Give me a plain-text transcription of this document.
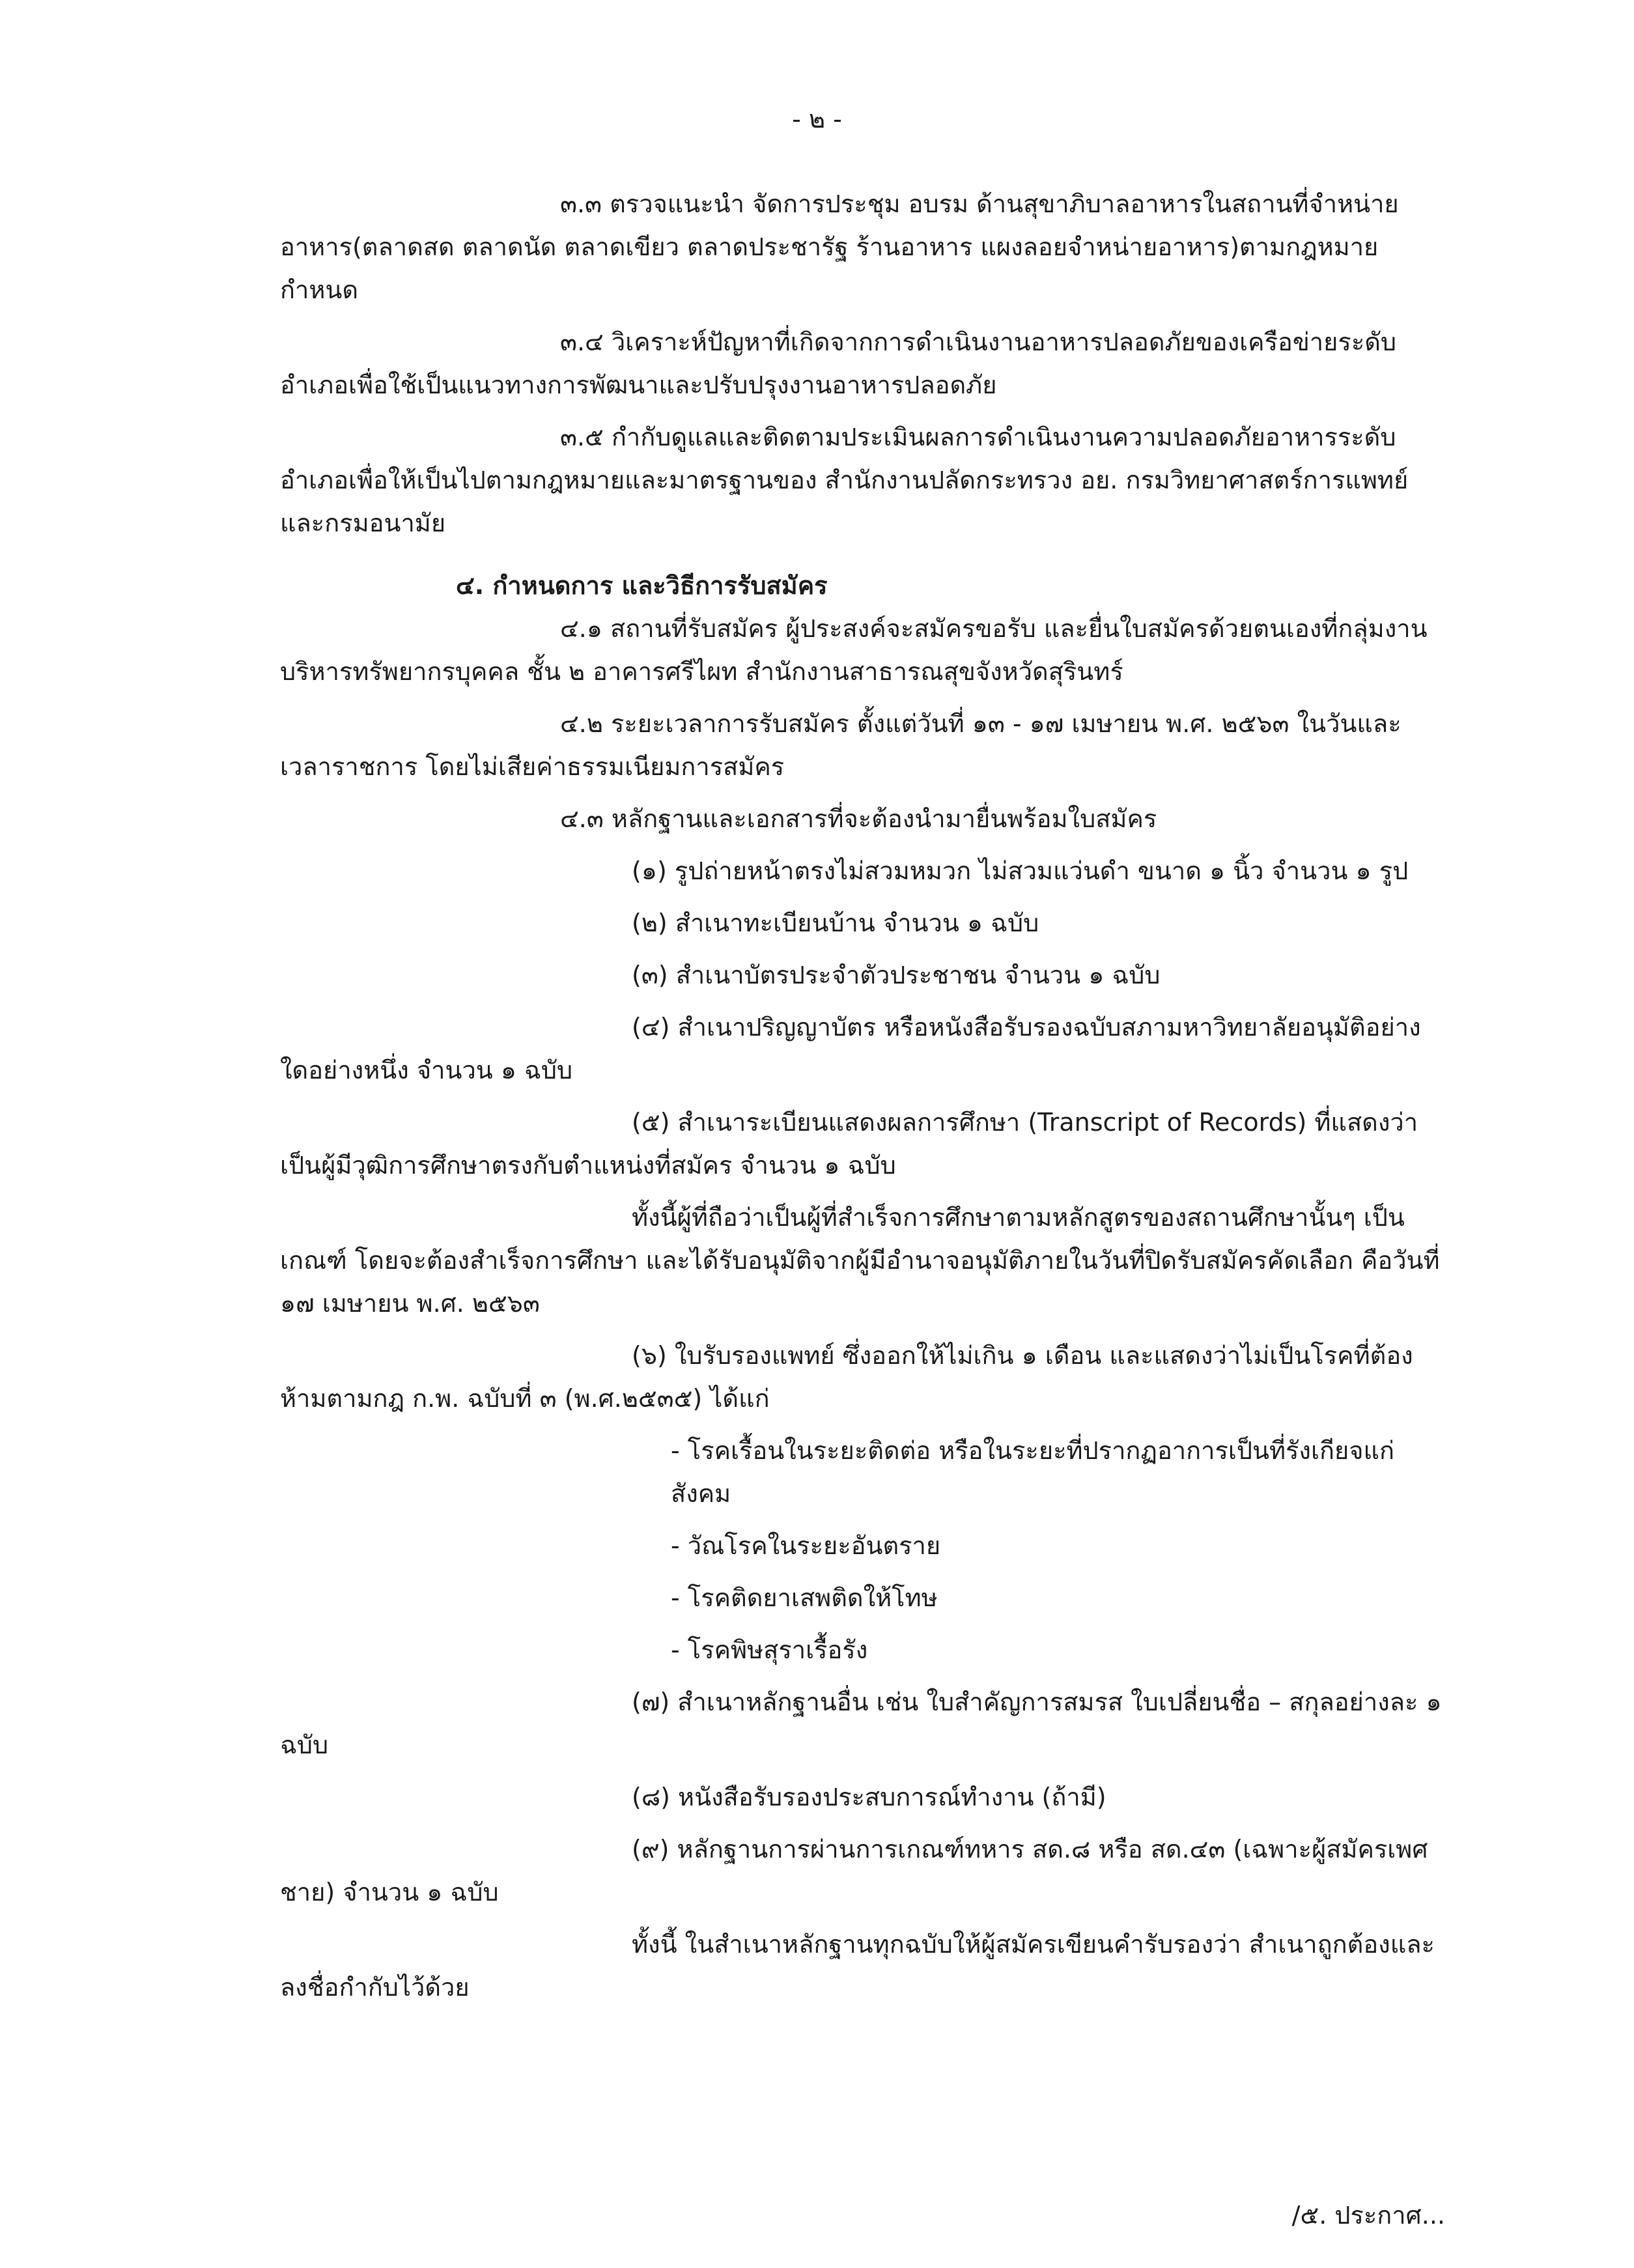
- ๒ -

๓.๓ ตรวจแนะนำ จัดการประชุม อบรม ด้านสุขาภิบาลอาหารในสถานที่จำหน่ายอาหาร(ตลาดสด ตลาดนัด ตลาดเขียว ตลาดประชารัฐ ร้านอาหาร แผงลอยจำหน่ายอาหาร)ตามกฎหมายกำหนด

๓.๔ วิเคราะห์ปัญหาที่เกิดจากการดำเนินงานอาหารปลอดภัยของเครือข่ายระดับอำเภอเพื่อใช้เป็นแนวทางการพัฒนาและปรับปรุงงานอาหารปลอดภัย

๓.๕ กำกับดูแลและติดตามประเมินผลการดำเนินงานความปลอดภัยอาหารระดับอำเภอเพื่อให้เป็นไปตามกฎหมายและมาตรฐานของ สำนักงานปลัดกระทรวง อย. กรมวิทยาศาสตร์การแพทย์ และกรมอนามัย

๔. กำหนดการ และวิธีการรับสมัคร

๔.๑ สถานที่รับสมัคร ผู้ประสงค์จะสมัครขอรับ และยื่นใบสมัครด้วยตนเองที่กลุ่มงานบริหารทรัพยากรบุคคล ชั้น ๒ อาคารศรีไผท สำนักงานสาธารณสุขจังหวัดสุรินทร์

๔.๒ ระยะเวลาการรับสมัคร ตั้งแต่วันที่ ๑๓ - ๑๗ เมษายน พ.ศ. ๒๕๖๓ ในวันและเวลาราชการ โดยไม่เสียค่าธรรมเนียมการสมัคร

๔.๓ หลักฐานและเอกสารที่จะต้องนำมายื่นพร้อมใบสมัคร

(๑) รูปถ่ายหน้าตรงไม่สวมหมวก ไม่สวมแว่นดำ ขนาด ๑ นิ้ว จำนวน ๑ รูป

(๒) สำเนาทะเบียนบ้าน จำนวน ๑ ฉบับ

(๓) สำเนาบัตรประจำตัวประชาชน จำนวน ๑ ฉบับ

(๔) สำเนาปริญญาบัตร หรือหนังสือรับรองฉบับสภามหาวิทยาลัยอนุมัติอย่างใดอย่างหนึ่ง จำนวน ๑ ฉบับ

(๕) สำเนาระเบียนแสดงผลการศึกษา (Transcript of Records) ที่แสดงว่าเป็นผู้มีวุฒิการศึกษาตรงกับตำแหน่งที่สมัคร จำนวน ๑ ฉบับ

ทั้งนี้ผู้ที่ถือว่าเป็นผู้ที่สำเร็จการศึกษาตามหลักสูตรของสถานศึกษานั้นๆ เป็นเกณฑ์ โดยจะต้องสำเร็จการศึกษา และได้รับอนุมัติจากผู้มีอำนาจอนุมัติภายในวันที่ปิดรับสมัครคัดเลือก คือวันที่ ๑๗ เมษายน พ.ศ. ๒๕๖๓

(๖) ใบรับรองแพทย์ ซึ่งออกให้ไม่เกิน ๑ เดือน และแสดงว่าไม่เป็นโรคที่ต้องห้ามตามกฎ ก.พ. ฉบับที่ ๓ (พ.ศ.๒๕๓๕) ได้แก่

- โรคเรื้อนในระยะติดต่อ หรือในระยะที่ปรากฏอาการเป็นที่รังเกียจแก่สังคม

- วัณโรคในระยะอันตราย

- โรคติดยาเสพติดให้โทษ

- โรคพิษสุราเรื้อรัง

(๗) สำเนาหลักฐานอื่น เช่น ใบสำคัญการสมรส ใบเปลี่ยนชื่อ – สกุลอย่างละ ๑ ฉบับ

(๘) หนังสือรับรองประสบการณ์ทำงาน (ถ้ามี)

(๙) หลักฐานการผ่านการเกณฑ์ทหาร สด.๘ หรือ สด.๔๓ (เฉพาะผู้สมัครเพศชาย) จำนวน ๑ ฉบับ

ทั้งนี้ ในสำเนาหลักฐานทุกฉบับให้ผู้สมัครเขียนคำรับรองว่า สำเนาถูกต้องและลงชื่อกำกับไว้ด้วย

/๕. ประกาศ...
